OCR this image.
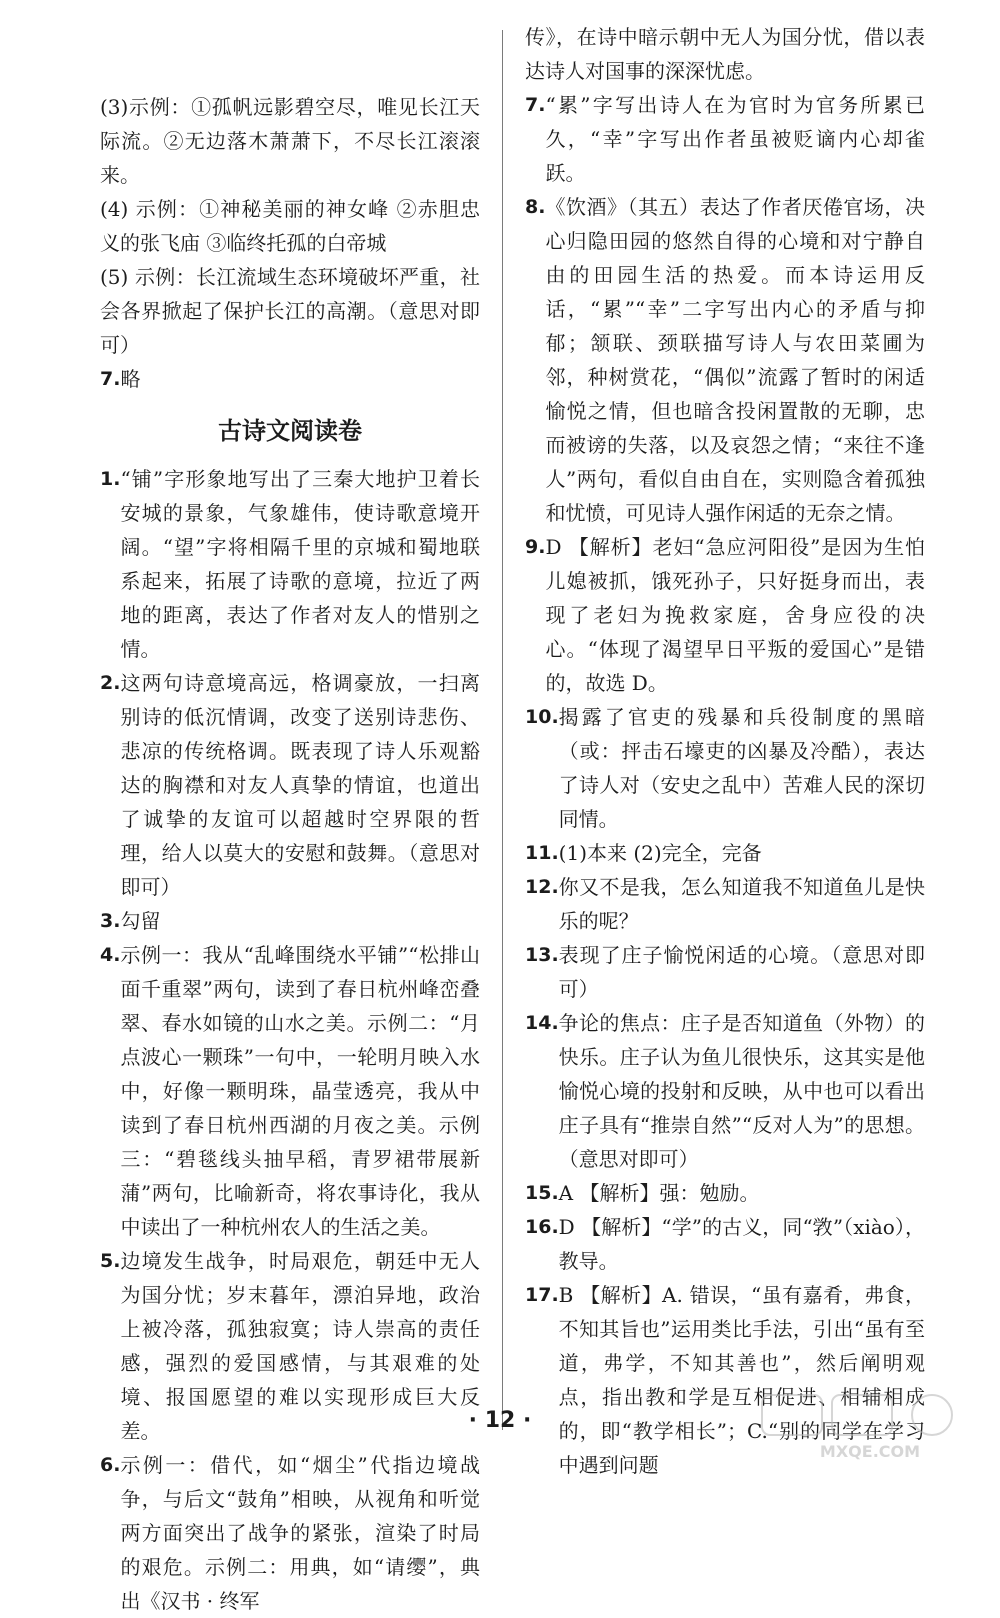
(3)示例：①孤帆远影碧空尽，唯见长江天际流。②无边落木萧萧下，不尽长江滚滚来。

(4) 示例：①神秘美丽的神女峰 ②赤胆忠义的张飞庙 ③临终托孤的白帝城

(5) 示例：长江流域生态环境破坏严重，社会各界掀起了保护长江的高潮。（意思对即可）

7. 略
古诗文阅读卷
1. “铺”字形象地写出了三秦大地护卫着长安城的景象，气象雄伟，使诗歌意境开阔。“望”字将相隔千里的京城和蜀地联系起来，拓展了诗歌的意境，拉近了两地的距离，表达了作者对友人的惜别之情。
2. 这两句诗意境高远，格调豪放，一扫离别诗的低沉情调，改变了送别诗悲伤、悲凉的传统格调。既表现了诗人乐观豁达的胸襟和对友人真挚的情谊，也道出了诚挚的友谊可以超越时空界限的哲理，给人以莫大的安慰和鼓舞。（意思对即可）
3. 勾留
4. 示例一：我从“乱峰围绕水平铺”“松排山面千重翠”两句，读到了春日杭州峰峦叠翠、春水如镜的山水之美。示例二：“月点波心一颗珠”一句中，一轮明月映入水中，好像一颗明珠，晶莹透亮，我从中读到了春日杭州西湖的月夜之美。示例三：“碧毯线头抽早稻，青罗裙带展新蒲”两句，比喻新奇，将农事诗化，我从中读出了一种杭州农人的生活之美。
5. 边境发生战争，时局艰危，朝廷中无人为国分忧；岁末暮年，漂泊异地，政治上被冷落，孤独寂寞；诗人崇高的责任感，强烈的爱国感情，与其艰难的处境、报国愿望的难以实现形成巨大反差。
6. 示例一：借代，如“烟尘”代指边境战争，与后文“鼓角”相映，从视角和听觉两方面突出了战争的紧张，渲染了时局的艰危。示例二：用典，如“请缨”，典出《汉书 · 终军

传》，在诗中暗示朝中无人为国分忧，借以表达诗人对国事的深深忧虑。

7. “累”字写出诗人在为官时为官务所累已久，“幸”字写出作者虽被贬谪内心却雀跃。
8. 《饮酒》（其五）表达了作者厌倦官场，决心归隐田园的悠然自得的心境和对宁静自由的田园生活的热爱。而本诗运用反话，“累”“幸”二字写出内心的矛盾与抑郁；颔联、颈联描写诗人与农田菜圃为邻，种树赏花，“偶似”流露了暂时的闲适愉悦之情，但也暗含投闲置散的无聊，忠而被谤的失落，以及哀怨之情；“来往不逢人”两句，看似自由自在，实则隐含着孤独和忧愤，可见诗人强作闲适的无奈之情。
9. D 【解析】老妇“急应河阳役”是因为生怕儿媳被抓，饿死孙子，只好挺身而出，表现了老妇为挽救家庭，舍身应役的决心。“体现了渴望早日平叛的爱国心”是错的，故选 D。
10. 揭露了官吏的残暴和兵役制度的黑暗（或：抨击石壕吏的凶暴及冷酷），表达了诗人对（安史之乱中）苦难人民的深切同情。
11. (1)本来 (2)完全，完备
12. 你又不是我，怎么知道我不知道鱼儿是快乐的呢？
13. 表现了庄子愉悦闲适的心境。（意思对即可）
14. 争论的焦点：庄子是否知道鱼（外物）的快乐。庄子认为鱼儿很快乐，这其实是他愉悦心境的投射和反映，从中也可以看出庄子具有“推崇自然”“反对人为”的思想。（意思对即可）
15. A 【解析】强：勉励。
16. D 【解析】“学”的古义，同“敩”（xiào），教导。
17. B 【解析】A. 错误，“虽有嘉肴，弗食，不知其旨也”运用类比手法，引出“虽有至道，弗学，不知其善也”，然后阐明观点，指出教和学是互相促进、相辅相成的，即“教学相长”；C.“别的同学在学习中遇到问题
· 12 ·
MXQE.COM
